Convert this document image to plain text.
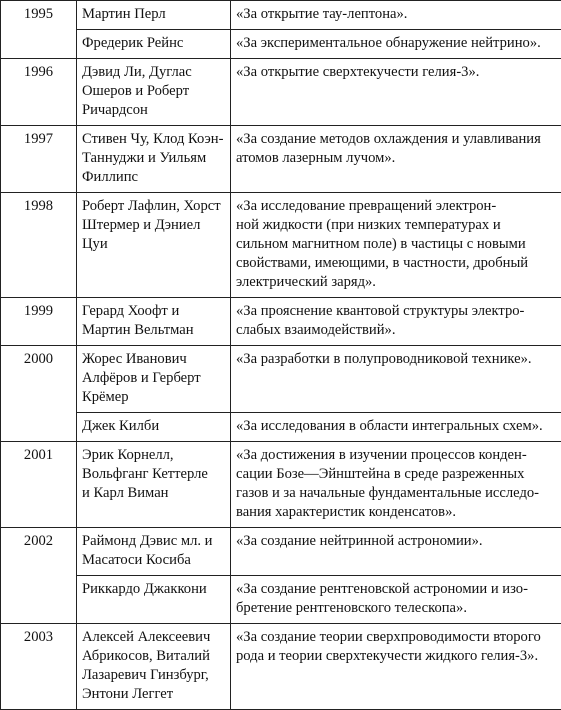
1995	Мартин Перл	«За открытие тау-лептона».

	Фредерик Рейнс	«За экспериментальное обнаружение нейтрино».

1996	Дэвид Ли, Дуглас
Ошеров и Роберт
Ричардсон	«За открытие сверхтекучести гелия-3».

1997	Стивен Чу, Клод Коэн-
Таннуджи и Уильям
Филлипс	«За создание методов охлаждения и улавливания
атомов лазерным лучом».

1998	Роберт Лафлин, Хорст
Штермер и Дэниел
Цуи	«За исследование превращений электрон-
ной жидкости (при низких температурах и
сильном магнитном поле) в частицы с новыми
свойствами, имеющими, в частности, дробный
электрический заряд».

1999	Герард Хоофт и
Мартин Вельтман	«За прояснение квантовой структуры электро-
слабых взаимодействий».

2000	Жорес Иванович
Алфёров и Герберт
Крёмер	«За разработки в полупроводниковой технике».

	Джек Килби	«За исследования в области интегральных схем».

2001	Эрик Корнелл,
Вольфганг Кеттерле
и Карл Виман	«За достижения в изучении процессов конден-
сации Бозе—Эйнштейна в среде разреженных
газов и за начальные фундаментальные исследо-
вания характеристик конденсатов».

2002	Раймонд Дэвис мл. и
Масатоси Косиба	«За создание нейтринной астрономии».

	Риккардо Джаккони	«За создание рентгеновской астрономии и изо-
бретение рентгеновского телескопа».

2003	Алексей Алексеевич
Абрикосов, Виталий
Лазаревич Гинзбург,
Энтони Леггет	«За создание теории сверхпроводимости второго
рода и теории сверхтекучести жидкого гелия-3».
